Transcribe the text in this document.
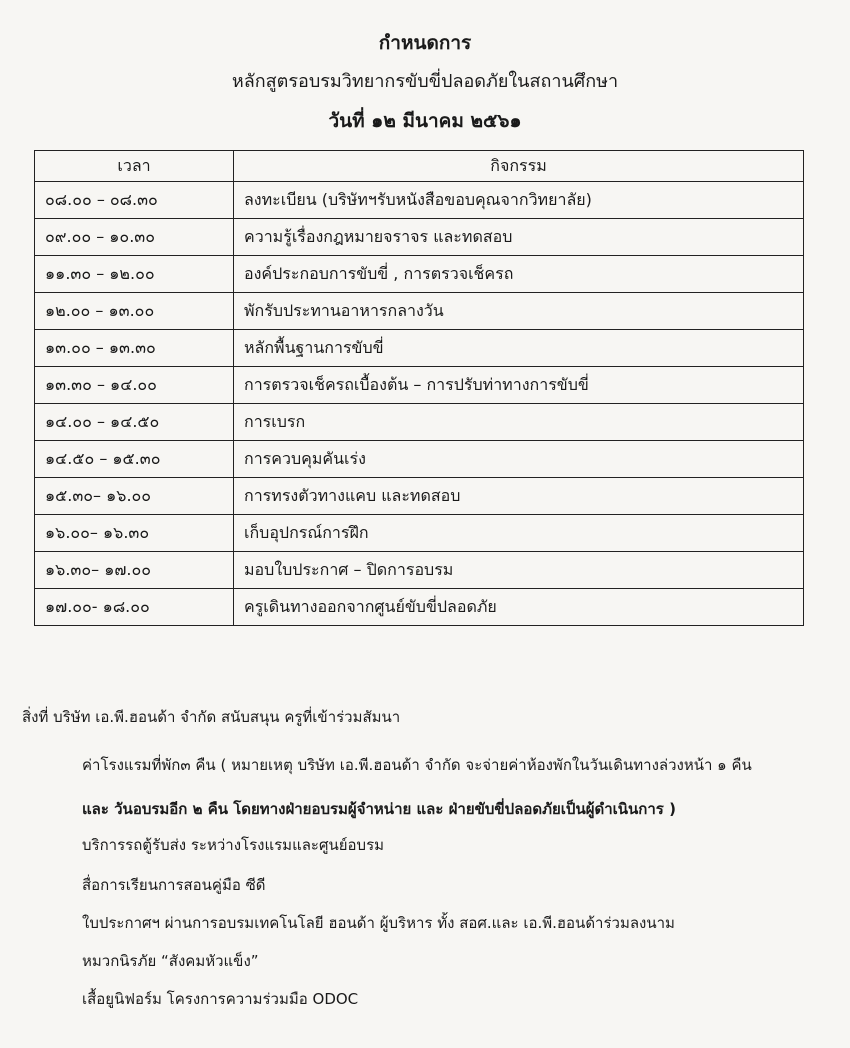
กำหนดการ
หลักสูตรอบรมวิทยากรขับขี่ปลอดภัยในสถานศึกษา
วันที่ ๑๒ มีนาคม ๒๕๖๑
เวลา	กิจกรรม
๐๘.๐๐ – ๐๘.๓๐	ลงทะเบียน (บริษัทฯรับหนังสือขอบคุณจากวิทยาลัย)
๐๙.๐๐ – ๑๐.๓๐	ความรู้เรื่องกฎหมายจราจร และทดสอบ
๑๑.๓๐ – ๑๒.๐๐	องค์ประกอบการขับขี่ , การตรวจเช็ครถ
๑๒.๐๐ – ๑๓.๐๐	พักรับประทานอาหารกลางวัน
๑๓.๐๐ – ๑๓.๓๐	หลักพื้นฐานการขับขี่
๑๓.๓๐ – ๑๔.๐๐	การตรวจเช็ครถเบื้องต้น – การปรับท่าทางการขับขี่
๑๔.๐๐ – ๑๔.๕๐	การเบรก
๑๔.๕๐ – ๑๕.๓๐	การควบคุมคันเร่ง
๑๕.๓๐– ๑๖.๐๐	การทรงตัวทางแคบ และทดสอบ
๑๖.๐๐– ๑๖.๓๐	เก็บอุปกรณ์การฝึก
๑๖.๓๐– ๑๗.๐๐	มอบใบประกาศ – ปิดการอบรม
๑๗.๐๐- ๑๘.๐๐	ครูเดินทางออกจากศูนย์ขับขี่ปลอดภัย
สิ่งที่ บริษัท เอ.พี.ฮอนด้า จำกัด สนับสนุน ครูที่เข้าร่วมสัมนา
ค่าโรงแรมที่พัก๓ คืน ( หมายเหตุ บริษัท เอ.พี.ฮอนด้า จำกัด จะจ่ายค่าห้องพักในวันเดินทางล่วงหน้า ๑ คืน
และ วันอบรมอีก ๒ คืน โดยทางฝ่ายอบรมผู้จำหน่าย และ ฝ่ายขับขี่ปลอดภัยเป็นผู้ดำเนินการ )
บริการรถตู้รับส่ง ระหว่างโรงแรมและศูนย์อบรม
สื่อการเรียนการสอนคู่มือ ซีดี
ใบประกาศฯ ผ่านการอบรมเทคโนโลยี ฮอนด้า ผู้บริหาร ทั้ง สอศ.และ เอ.พี.ฮอนด้าร่วมลงนาม
หมวกนิรภัย “สังคมหัวแข็ง”
เสื้อยูนิฟอร์ม โครงการความร่วมมือ ODOC
